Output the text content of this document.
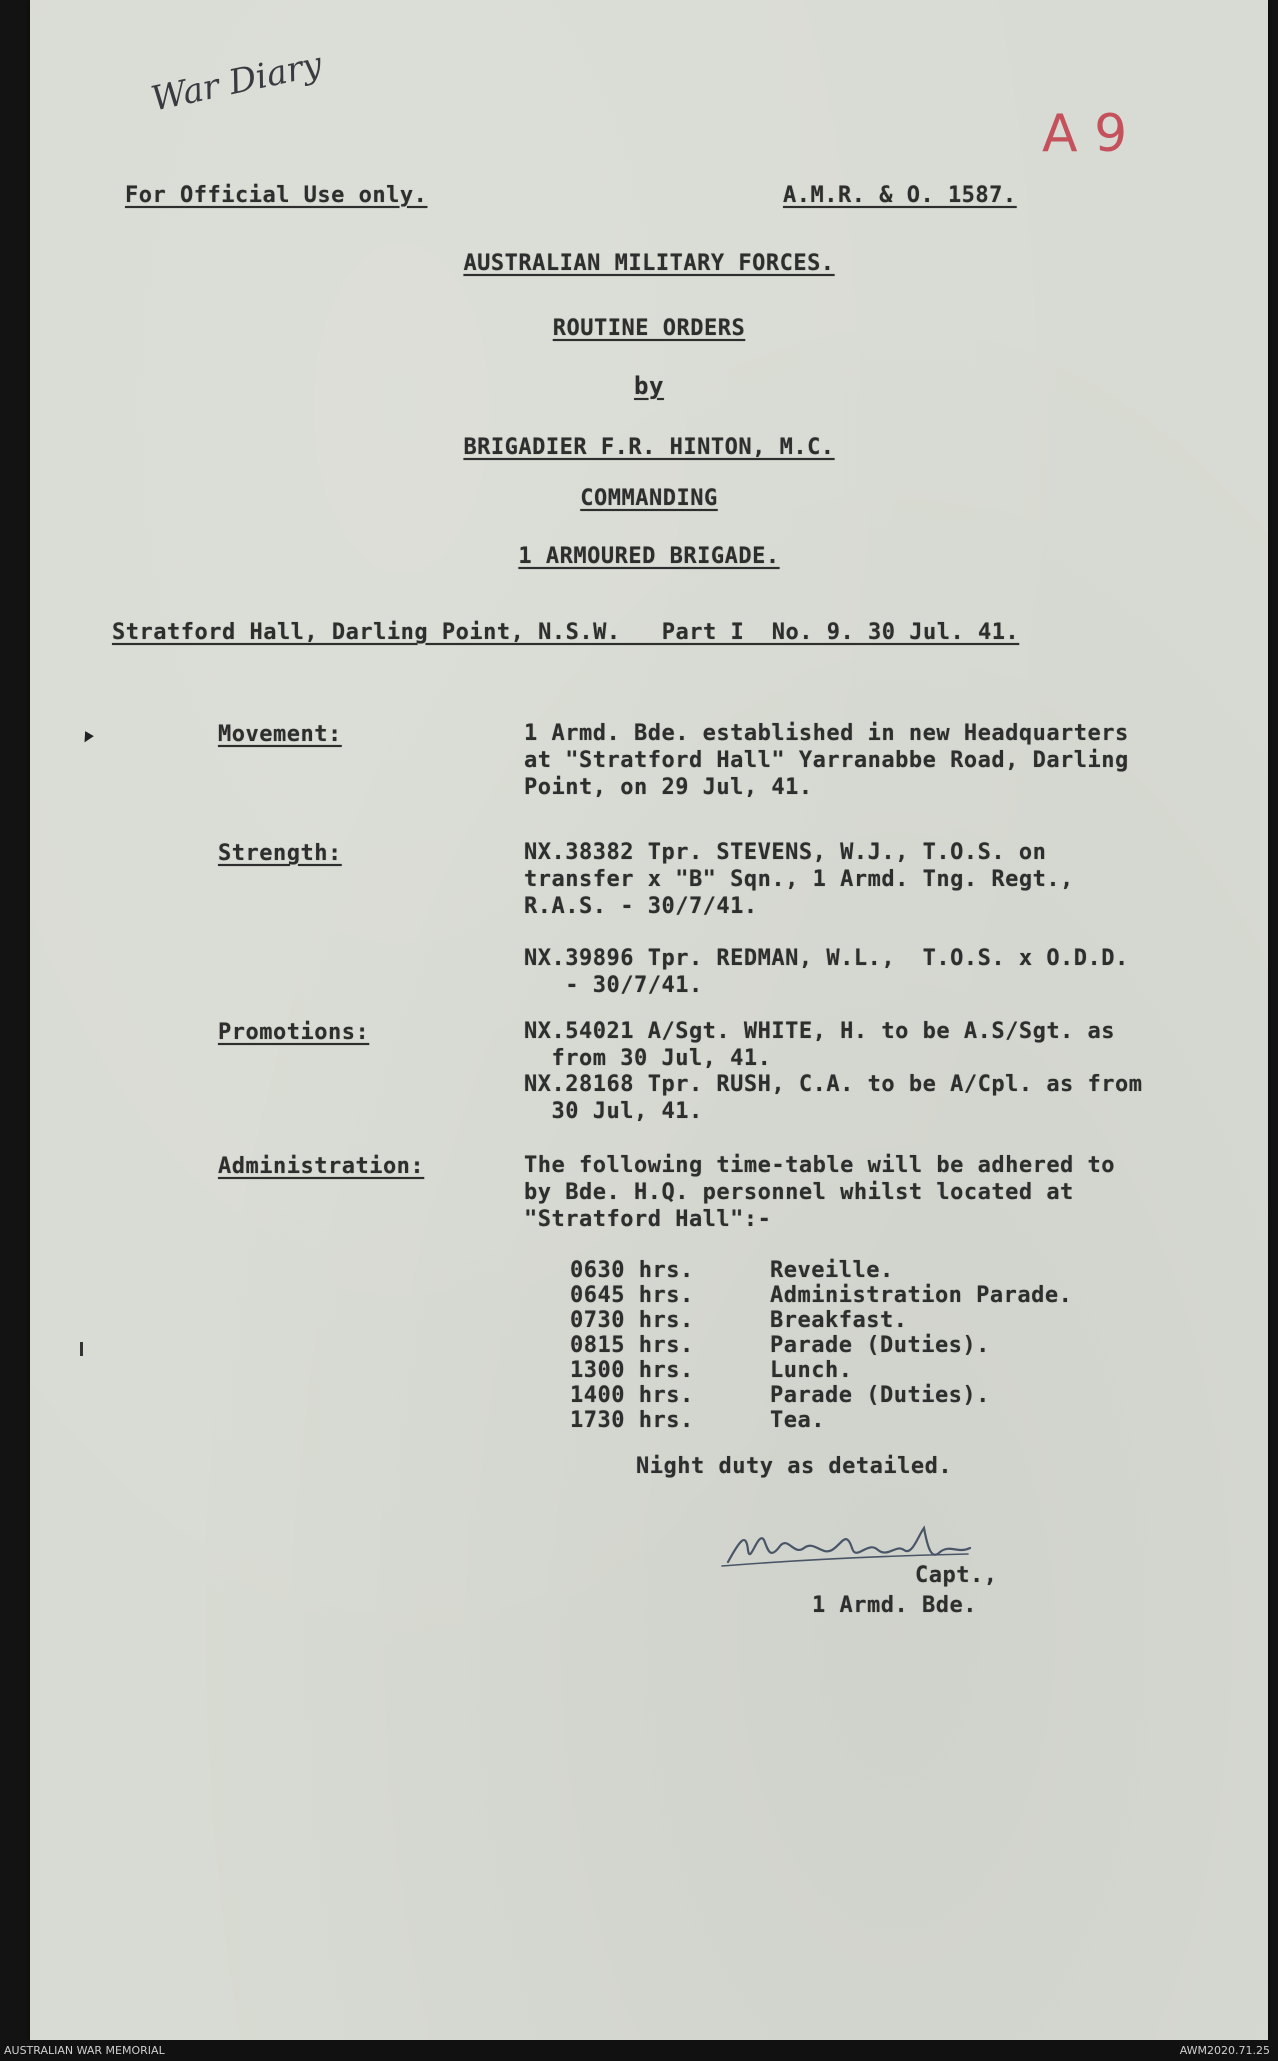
War Diary
A 9
For Official Use only.	A.M.R. & O. 1587.
AUSTRALIAN MILITARY FORCES.
ROUTINE ORDERS
by
BRIGADIER F.R. HINTON, M.C.
COMMANDING
1 ARMOURED BRIGADE.
Stratford Hall, Darling Point, N.S.W.   Part I  No. 9. 30 Jul. 41.
Movement:	1 Armd. Bde. established in new Headquarters
at "Stratford Hall" Yarranabbe Road, Darling
Point, on 29 Jul, 41.
Strength:	NX.38382 Tpr. STEVENS, W.J., T.O.S. on
transfer x "B" Sqn., 1 Armd. Tng. Regt.,
R.A.S. - 30/7/41.
NX.39896 Tpr. REDMAN, W.L.,  T.O.S. x O.D.D.
- 30/7/41.
Promotions:	NX.54021 A/Sgt. WHITE, H. to be A.S/Sgt. as
from 30 Jul, 41.
NX.28168 Tpr. RUSH, C.A. to be A/Cpl. as from
30 Jul, 41.
Administration:	The following time-table will be adhered to
by Bde. H.Q. personnel whilst located at
"Stratford Hall":-
0630 hrs.	Reveille.
0645 hrs.	Administration Parade.
0730 hrs.	Breakfast.
0815 hrs.	Parade (Duties).
1300 hrs.	Lunch.
1400 hrs.	Parade (Duties).
1730 hrs.	Tea.
Night duty as detailed.
Capt.,
1 Armd. Bde.
AUSTRALIAN WAR MEMORIAL	AWM2020.71.25
